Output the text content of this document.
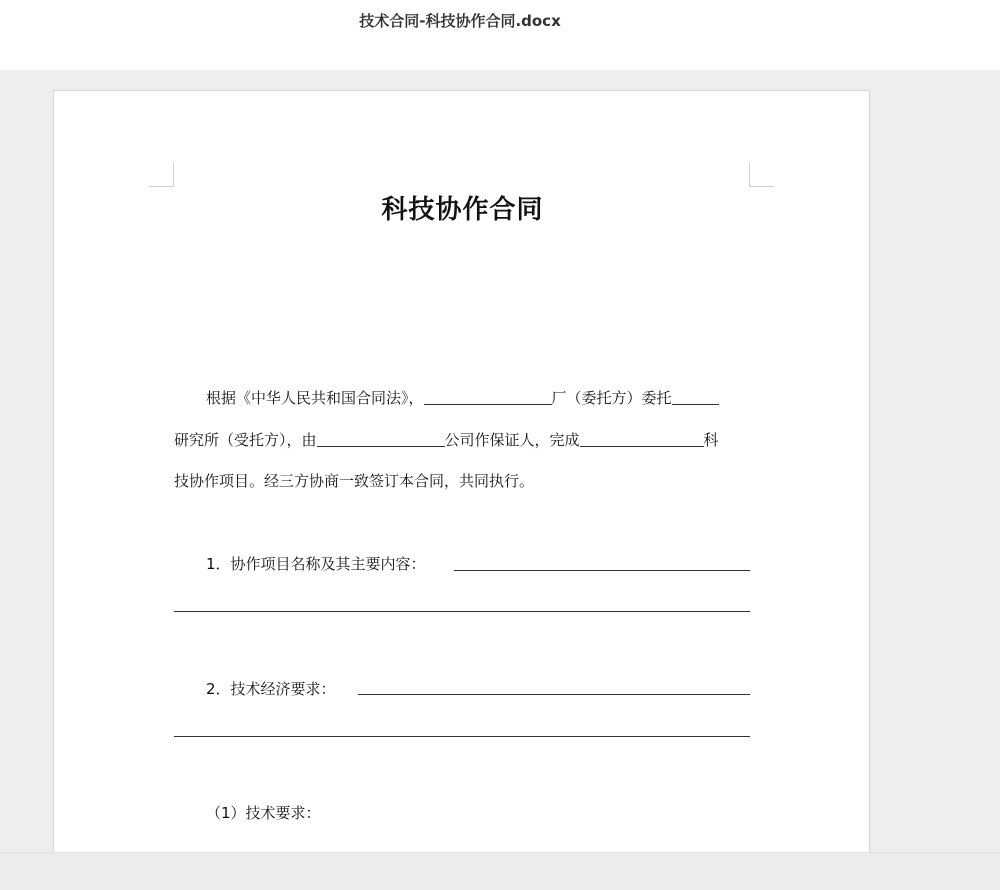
技术合同-科技协作合同.docx
科技协作合同
根据《中华人民共和国合同法》，	厂（委托方）委托
研究所（受托方），由	公司作保证人，完成	科
技协作项目。经三方协商一致签订本合同，共同执行。
1．协作项目名称及其主要内容：
2．技术经济要求：
（1）技术要求：
